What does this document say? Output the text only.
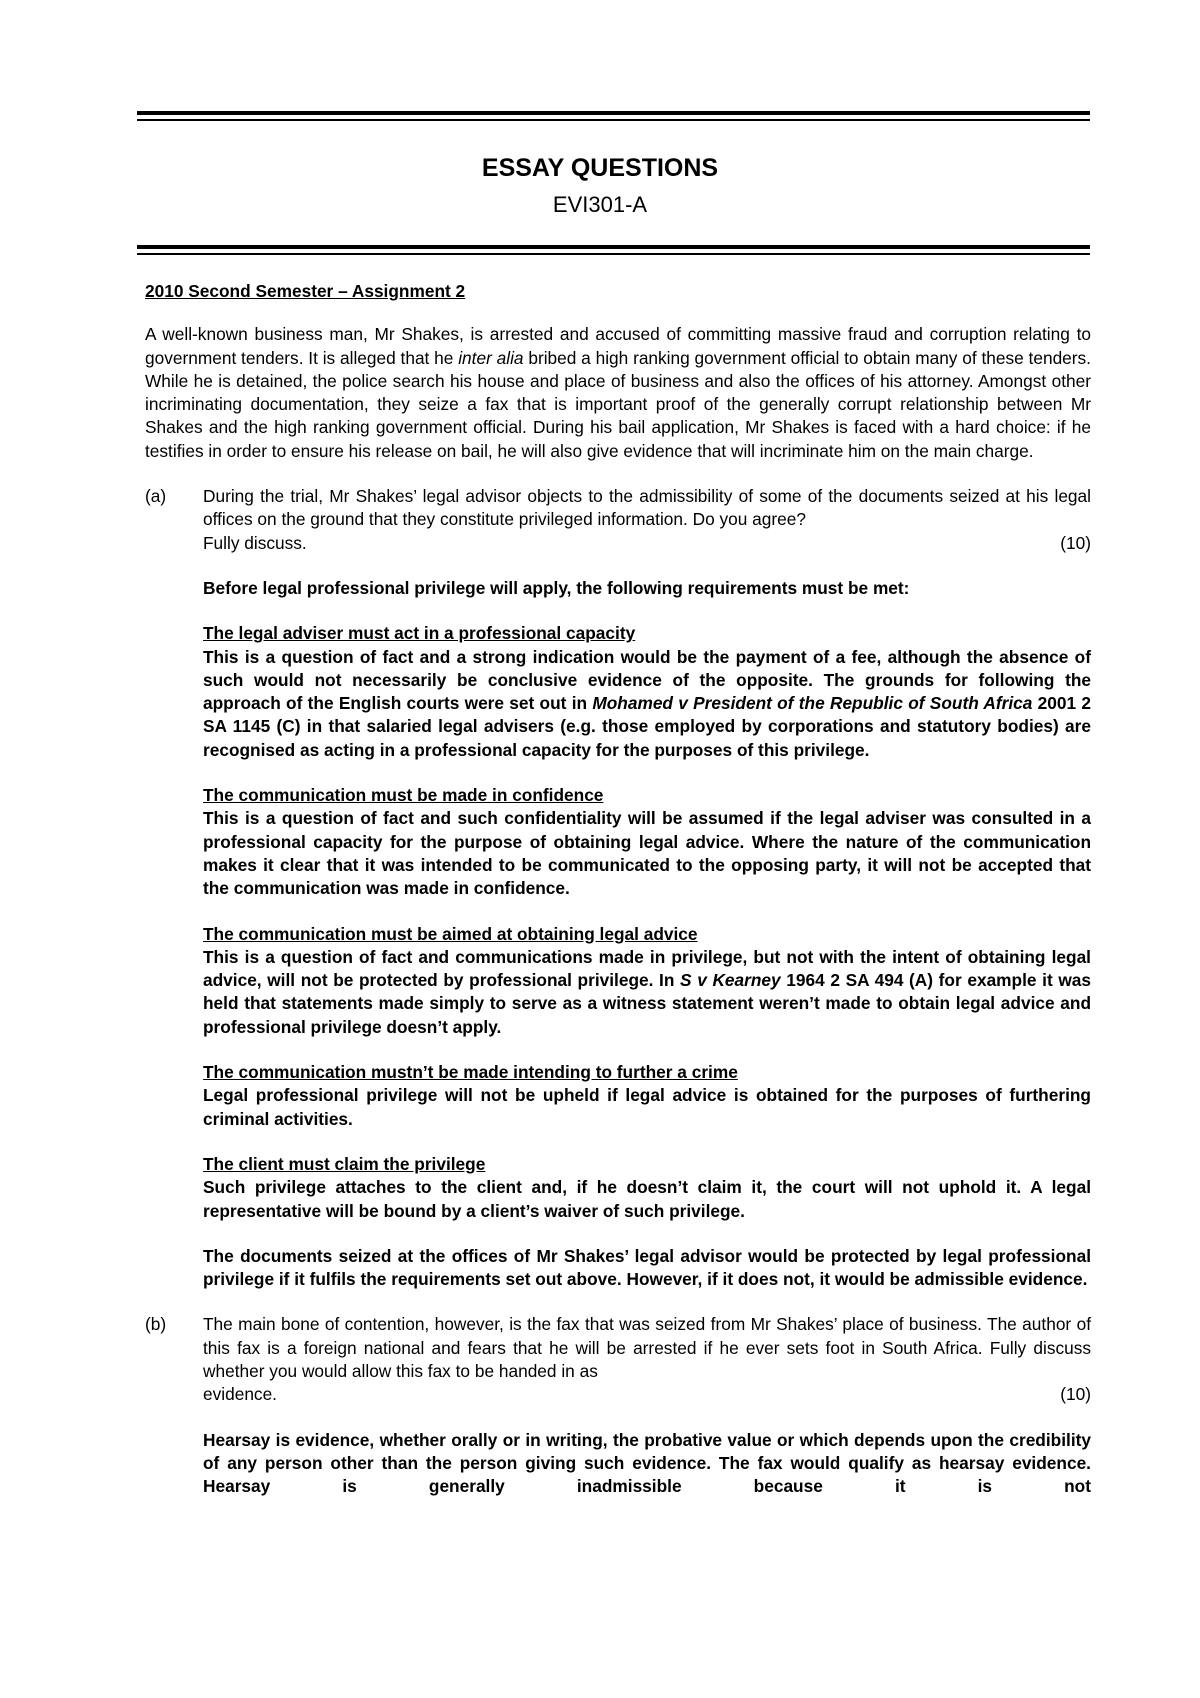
ESSAY QUESTIONS
EVI301-A

2010 Second Semester – Assignment 2

A well-known business man, Mr Shakes, is arrested and accused of committing massive fraud and corruption relating to government tenders. It is alleged that he inter alia bribed a high ranking government official to obtain many of these tenders. While he is detained, the police search his house and place of business and also the offices of his attorney. Amongst other incriminating documentation, they seize a fax that is important proof of the generally corrupt relationship between Mr Shakes and the high ranking government official. During his bail application, Mr Shakes is faced with a hard choice: if he testifies in order to ensure his release on bail, he will also give evidence that will incriminate him on the main charge.

(a)	During the trial, Mr Shakes’ legal advisor objects to the admissibility of some of the documents seized at his legal offices on the ground that they constitute privileged information. Do you agree?

Fully discuss.	(10)

Before legal professional privilege will apply, the following requirements must be met:

The legal adviser must act in a professional capacity

This is a question of fact and a strong indication would be the payment of a fee, although the absence of such would not necessarily be conclusive evidence of the opposite. The grounds for following the approach of the English courts were set out in Mohamed v President of the Republic of South Africa 2001 2 SA 1145 (C) in that salaried legal advisers (e.g. those employed by corporations and statutory bodies) are recognised as acting in a professional capacity for the purposes of this privilege.

The communication must be made in confidence

This is a question of fact and such confidentiality will be assumed if the legal adviser was consulted in a professional capacity for the purpose of obtaining legal advice. Where the nature of the communication makes it clear that it was intended to be communicated to the opposing party, it will not be accepted that the communication was made in confidence.

The communication must be aimed at obtaining legal advice

This is a question of fact and communications made in privilege, but not with the intent of obtaining legal advice, will not be protected by professional privilege. In S v Kearney 1964 2 SA 494 (A) for example it was held that statements made simply to serve as a witness statement weren’t made to obtain legal advice and professional privilege doesn’t apply.

The communication mustn’t be made intending to further a crime

Legal professional privilege will not be upheld if legal advice is obtained for the purposes of furthering criminal activities.

The client must claim the privilege

Such privilege attaches to the client and, if he doesn’t claim it, the court will not uphold it. A legal representative will be bound by a client’s waiver of such privilege.

The documents seized at the offices of Mr Shakes’ legal advisor would be protected by legal professional privilege if it fulfils the requirements set out above. However, if it does not, it would be admissible evidence.

(b)	The main bone of contention, however, is the fax that was seized from Mr Shakes’ place of business. The author of this fax is a foreign national and fears that he will be arrested if he ever sets foot in South Africa. Fully discuss whether you would allow this fax to be handed in as

evidence.	(10)

Hearsay is evidence, whether orally or in writing, the probative value or which depends upon the credibility of any person other than the person giving such evidence. The fax would qualify as hearsay evidence. Hearsay is generally inadmissible because it is not
